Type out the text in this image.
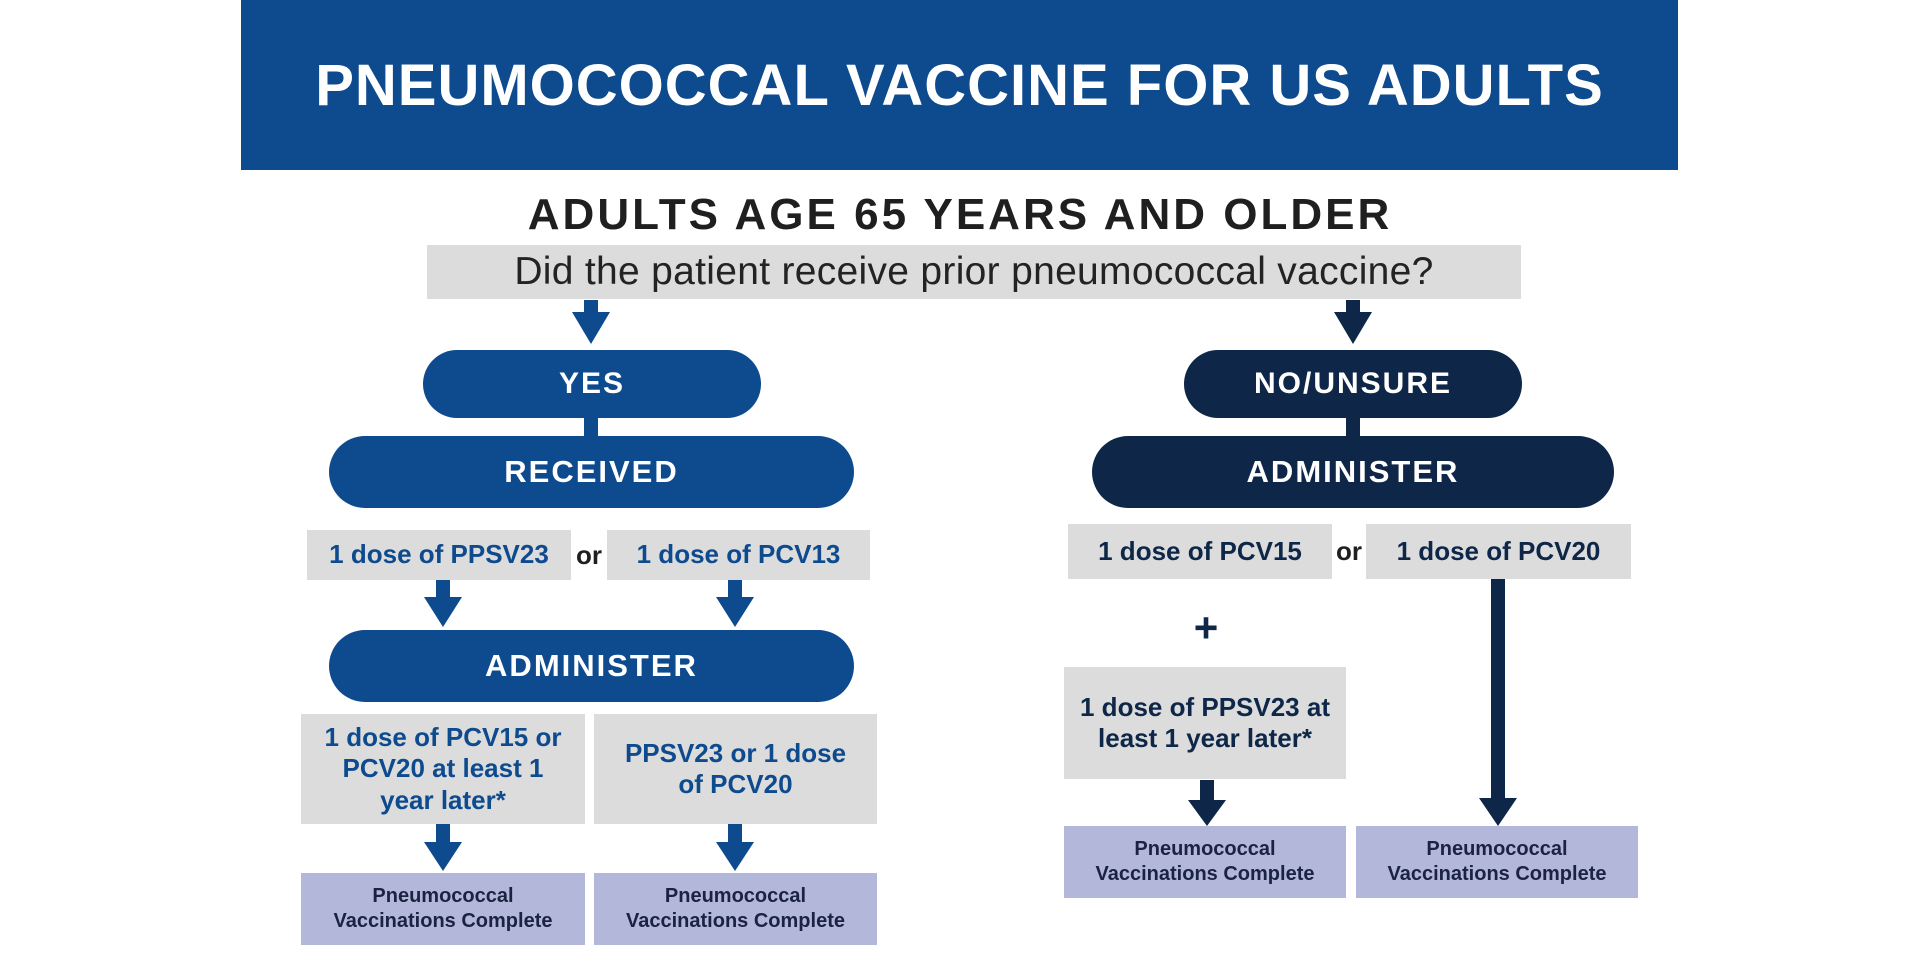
PNEUMOCOCCAL VACCINE FOR US ADULTS
ADULTS AGE 65 YEARS AND OLDER
Did the patient receive prior pneumococcal vaccine?
YES
RECEIVED
1 dose of PPSV23 or 1 dose of PCV13
ADMINISTER
1 dose of PCV15 or PCV20 at least 1 year later*
PPSV23 or 1 dose of PCV20
Pneumococcal Vaccinations Complete
Pneumococcal Vaccinations Complete
NO/UNSURE
ADMINISTER
1 dose of PCV15 or 1 dose of PCV20
+
1 dose of PPSV23 at least 1 year later*
Pneumococcal Vaccinations Complete
Pneumococcal Vaccinations Complete
